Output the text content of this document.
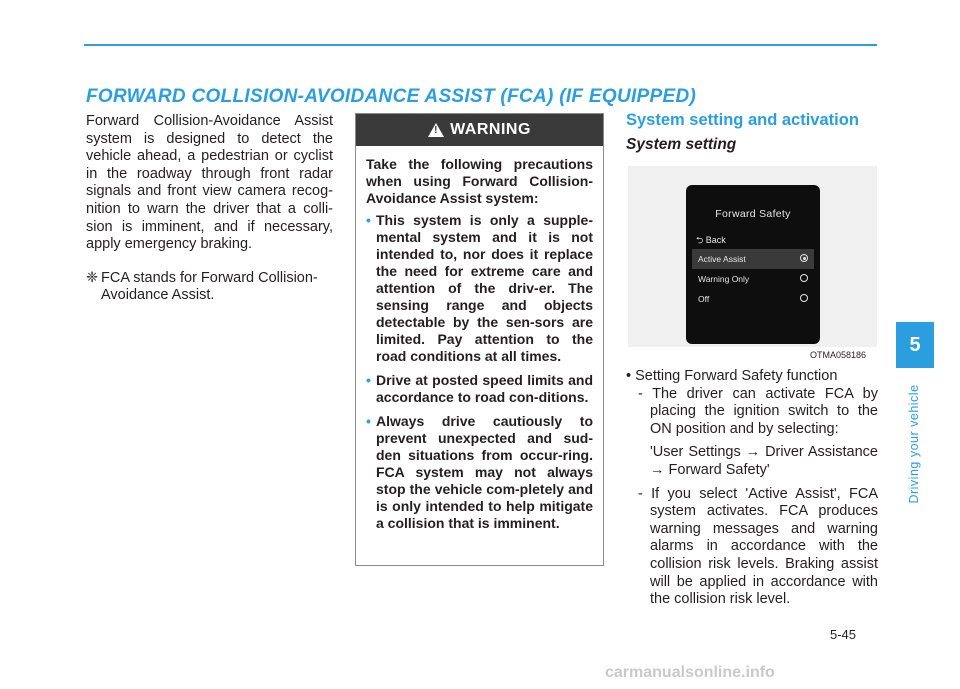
FORWARD COLLISION-AVOIDANCE ASSIST (FCA) (IF EQUIPPED)

Forward Collision-Avoidance Assist system is designed to detect the vehicle ahead, a pedestrian or cyclist in the roadway through front radar signals and front view camera recog-nition to warn the driver that a colli-sion is imminent, and if necessary, apply emergency braking.

❈ FCA stands for Forward Collision-Avoidance Assist.

! WARNING

Take the following precautions when using Forward Collision-Avoidance Assist system:

• This system is only a supple-mental system and it is not intended to, nor does it replace the need for extreme care and attention of the driv-er. The sensing range and objects detectable by the sen-sors are limited. Pay attention to the road conditions at all times.
• Drive at posted speed limits and accordance to road con-ditions.
• Always drive cautiously to prevent unexpected and sud-den situations from occur-ring. FCA system may not always stop the vehicle com-pletely and is only intended to help mitigate a collision that is imminent.
System setting and activation
System setting
Forward Safety
⮌ Back
Active Assist
Warning Only
Off
OTMA058186

• Setting Forward Safety function

- The driver can activate FCA by placing the ignition switch to the ON position and by selecting:

'User Settings → Driver Assistance → Forward Safety'

- If you select 'Active Assist', FCA system activates. FCA produces warning messages and warning alarms in accordance with the collision risk levels. Braking assist will be applied in accordance with the collision risk level.

5
Driving your vehicle
5-45
carmanualsonline.info
